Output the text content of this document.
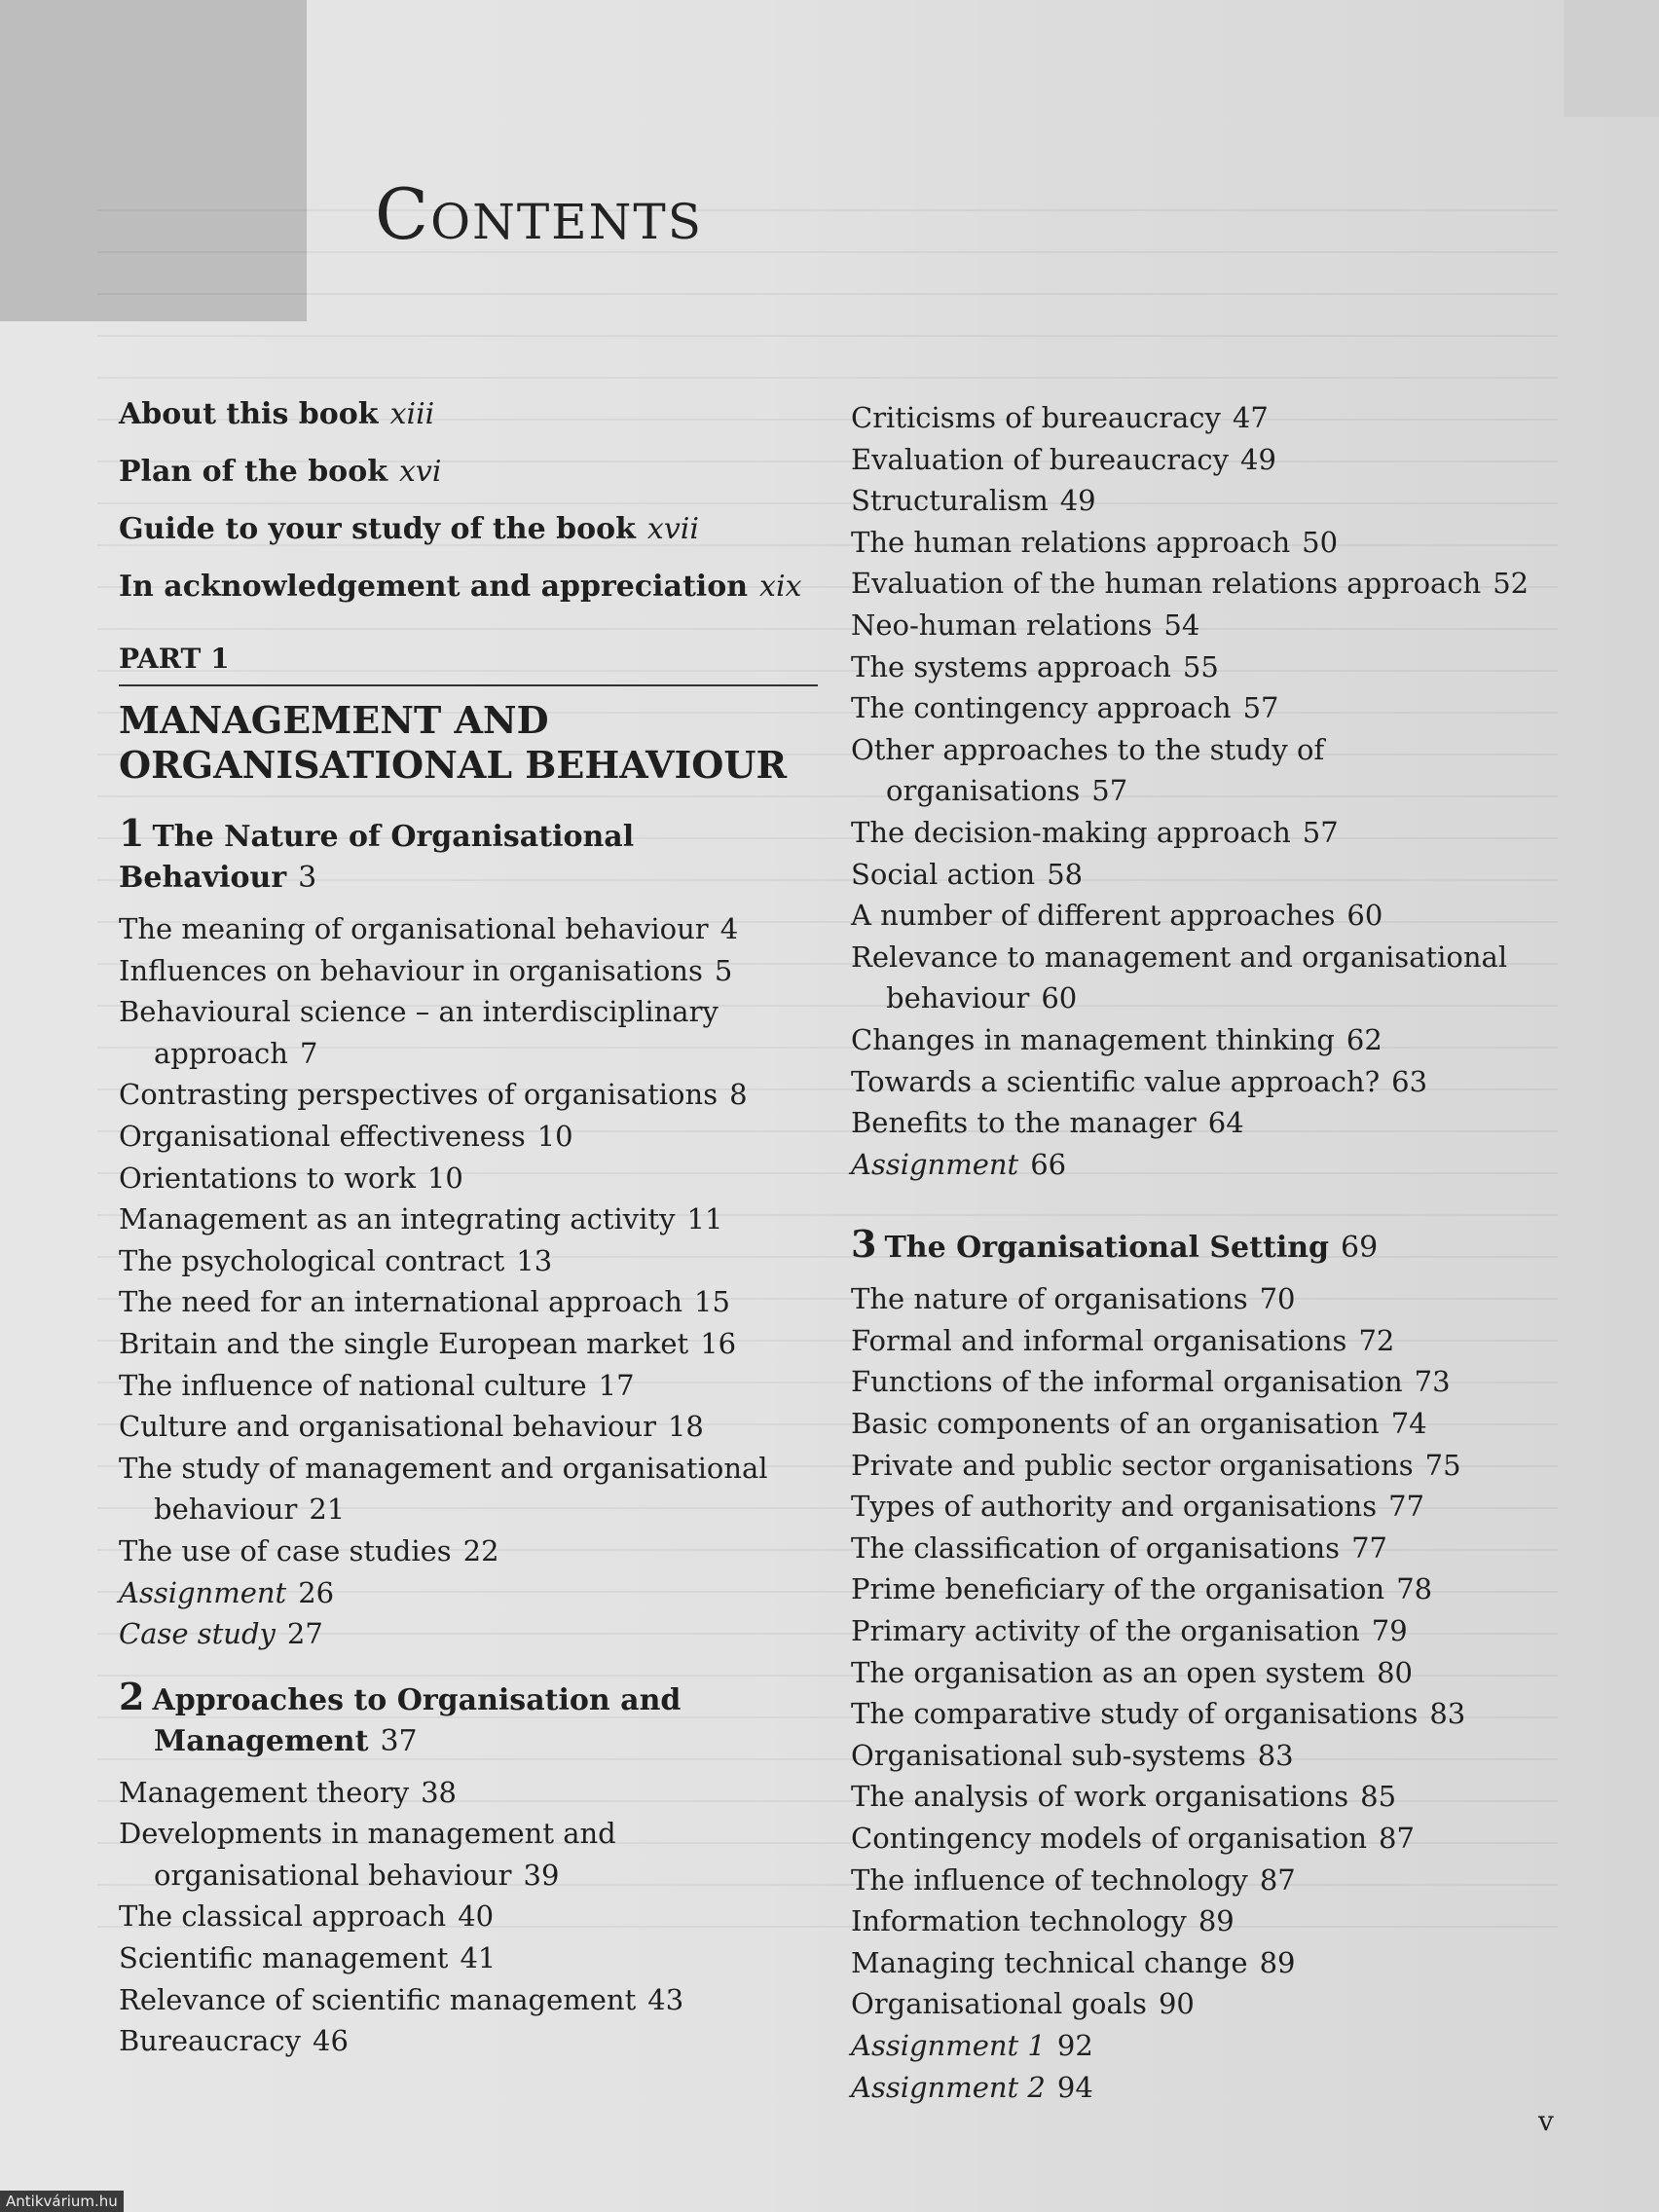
Contents
About this book xiii
Plan of the book xvi
Guide to your study of the book xvii
In acknowledgement and appreciation xix
PART 1
MANAGEMENT AND ORGANISATIONAL BEHAVIOUR
1 The Nature of Organisational Behaviour 3
The meaning of organisational behaviour 4
Influences on behaviour in organisations 5
Behavioural science – an interdisciplinary approach 7
Contrasting perspectives of organisations 8
Organisational effectiveness 10
Orientations to work 10
Management as an integrating activity 11
The psychological contract 13
The need for an international approach 15
Britain and the single European market 16
The influence of national culture 17
Culture and organisational behaviour 18
The study of management and organisational behaviour 21
The use of case studies 22
Assignment 26
Case study 27
2 Approaches to Organisation and Management 37
Management theory 38
Developments in management and organisational behaviour 39
The classical approach 40
Scientific management 41
Relevance of scientific management 43
Bureaucracy 46
Criticisms of bureaucracy 47
Evaluation of bureaucracy 49
Structuralism 49
The human relations approach 50
Evaluation of the human relations approach 52
Neo-human relations 54
The systems approach 55
The contingency approach 57
Other approaches to the study of organisations 57
The decision-making approach 57
Social action 58
A number of different approaches 60
Relevance to management and organisational behaviour 60
Changes in management thinking 62
Towards a scientific value approach? 63
Benefits to the manager 64
Assignment 66
3 The Organisational Setting 69
The nature of organisations 70
Formal and informal organisations 72
Functions of the informal organisation 73
Basic components of an organisation 74
Private and public sector organisations 75
Types of authority and organisations 77
The classification of organisations 77
Prime beneficiary of the organisation 78
Primary activity of the organisation 79
The organisation as an open system 80
The comparative study of organisations 83
Organisational sub-systems 83
The analysis of work organisations 85
Contingency models of organisation 87
The influence of technology 87
Information technology 89
Managing technical change 89
Organisational goals 90
Assignment 1 92
Assignment 2 94
v
Antikvárium.hu
